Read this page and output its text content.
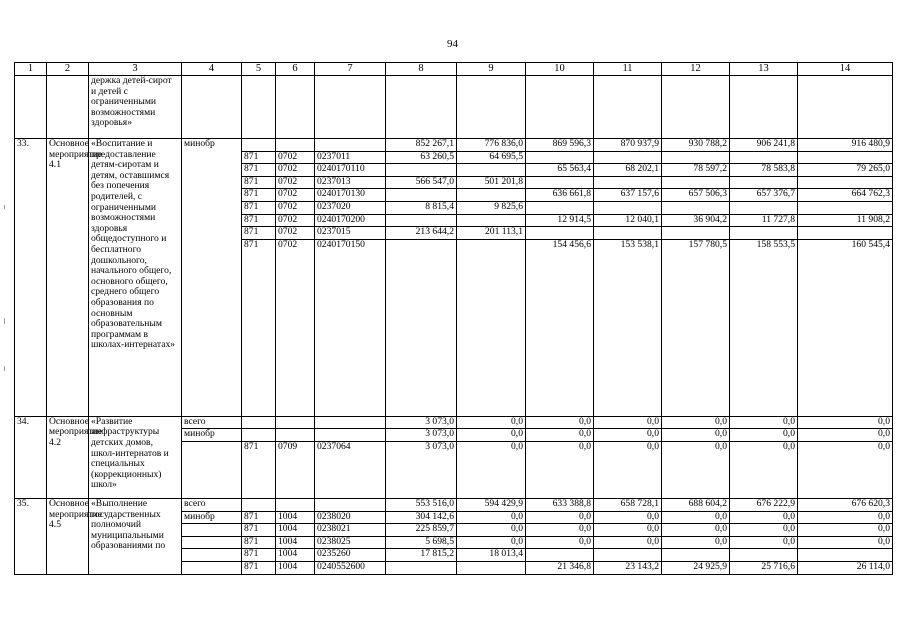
94
1	2	3	4	5	6	7	8	9	10	11	12	13	14
		держка детей-сирот и детей с ограниченными возможностями здоровья»											
33.	Основное мероприятие 4.1	«Воспитание и предоставление детям-сиротам и детям, оставшимся без попечения родителей, с ограниченными возможностями здоровья общедоступного и бесплатного дошкольного, начального общего, основного общего, среднего общего образования по основным образовательным программам в школах-интернатах»	минобр				852 267,1	776 836,0	869 596,3	870 937,9	930 788,2	906 241,8	916 480,9
				871	0702	0237011	63 260,5	64 695,5					
				871	0702	0240170110			65 563,4	68 202,1	78 597,2	78 583,8	79 265,0
				871	0702	0237013	566 547,0	501 201,8					
				871	0702	0240170130			636 661,8	637 157,6	657 506,3	657 376,7	664 762,3
				871	0702	0237020	8 815,4	9 825,6					
				871	0702	0240170200			12 914,5	12 040,1	36 904,2	11 727,8	11 908,2
				871	0702	0237015	213 644,2	201 113,1					
				871	0702	0240170150			154 456,6	153 538,1	157 780,5	158 553,5	160 545,4
34.	Основное мероприятие 4.2	«Развитие инфраструктуры детских домов, школ-интернатов и специальных (коррекционных) школ»	всего				3 073,0	0,0	0,0	0,0	0,0	0,0	0,0
			минобр				3 073,0	0,0	0,0	0,0	0,0	0,0	0,0
				871	0709	0237064	3 073,0	0,0	0,0	0,0	0,0	0,0	0,0
35.	Основное мероприятие 4.5	«Выполнение государственных полномочий муниципальными образованиями по	всего				553 516,0	594 429,9	633 388,8	658 728,1	688 604,2	676 222,9	676 620,3
			минобр	871	1004	0238020	304 142,6	0,0	0,0	0,0	0,0	0,0	0,0
				871	1004	0238021	225 859,7	0,0	0,0	0,0	0,0	0,0	0,0
				871	1004	0238025	5 698,5	0,0	0,0	0,0	0,0	0,0	0,0
				871	1004	0235260	17 815,2	18 013,4					
				871	1004	0240552600			21 346,8	23 143,2	24 925,9	25 716,6	26 114,0
